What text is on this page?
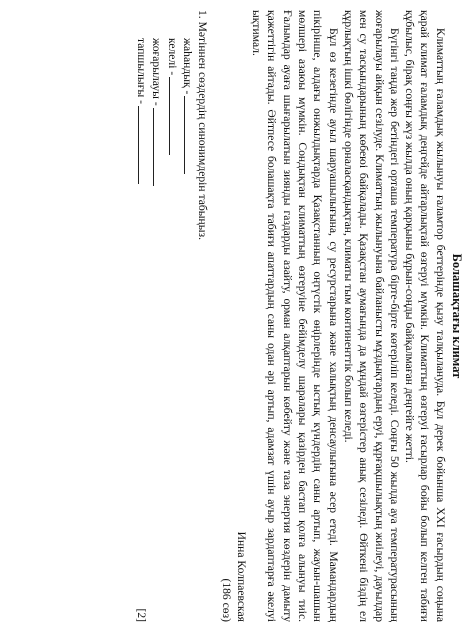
Болашақтағы климат

Климаттың ғаламдық жылынуы ғаламтор беттерінде қызу талқылануда. Бұл дерек бойынша ХХI ғасырдың соңына қарай климат ғаламдық деңгейде айтарлықтай өзгеруі мүмкін. Климаттың өзгеруі ғасырлар бойы болып келген табиғи құбылыс, бірақ соңғы жүз жылда оның қарқыны бұрын-соңды байқалмаған деңгейге жетті.

Бүгінгі таңда жер бетіндегі орташа температура бірте-бірте көтеріліп келеді. Соңғы 50 жылда ауа температурасының жоғарылауы айқын сезілуде. Климаттың жылынуына байланысты мұздықтардың еруі, құрғақшылықтың жиілеуі, дауылдар мен су тасқындарының көбеюі байқалады. Қазақстан аумағында да мұндай өзгерістер анық сезіледі. Өйткені біздің ел құрлықтың ішкі бөлігінде орналасқандықтан, климаты тым континенттік болып келеді.

Бұл өз кезегінде ауыл шаруашылығына, су ресурстарына және халықтың денсаулығына әсер етеді. Мамандардың пікірінше, алдағы онжылдықтарда Қазақстанның оңтүстік өңірлерінде ыстық күндердің саны артып, жауын-шашын мөлшері азаюы мүмкін. Сондықтан климаттың өзгеруіне бейімделу шаралары қазірден бастап қолға алынуы тиіс. Ғалымдар ауаға шығарылатын зиянды газдарды азайту, орман алқаптарын көбейту және таза энергия көздерін дамыту қажеттігін айтады. Әйтпесе болашақта табиғи апаттардың саны одан әрі артып, адамзат үшін ауыр зардаптарға әкелуі ықтимал.

Инна Колпаевская
(186 сөз)
1. Мәтіннен сөздердің синонимдерін табыңыз.
жаһандық -
келелі -
жоғарылауы -
тапшылығы -
[2]
